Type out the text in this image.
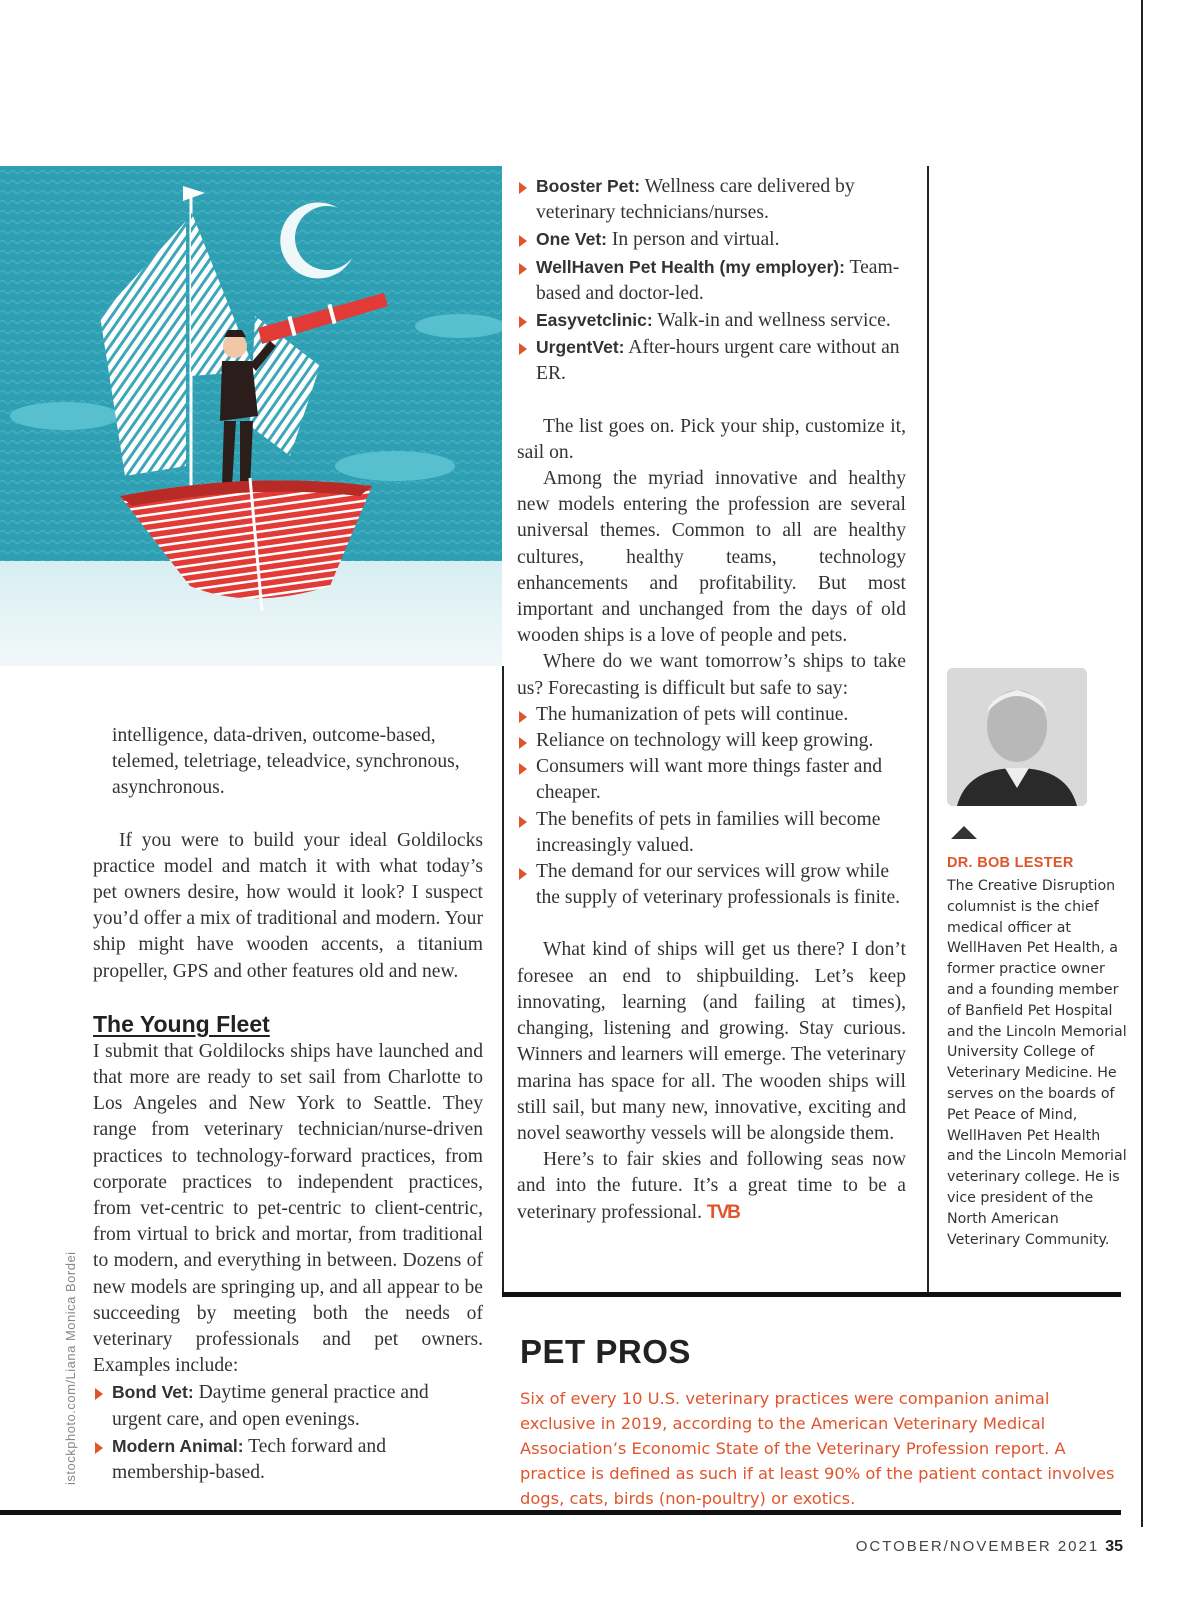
istockphoto.com/Liana Monica Bordei
intelligence, data-driven, outcome-based,
telemed, teletriage, teleadvice, synchronous,
asynchronous.

If you were to build your ideal Goldilocks practice model and match it with what today’s pet owners desire, how would it look? I suspect you’d offer a mix of traditional and modern. Your ship might have wooden accents, a titanium propeller, GPS and other features old and new.

The Young Fleet

I submit that Goldilocks ships have launched and that more are ready to set sail from Charlotte to Los Angeles and New York to Seattle. They range from veterinary technician/nurse-driven practices to technology-forward practices, from corporate practices to independent practices, from vet-centric to pet-centric to client-centric, from virtual to brick and mortar, from traditional to modern, and everything in between. Dozens of new models are springing up, and all appear to be succeeding by meeting both the needs of veterinary professionals and pet owners. Examples include:

Bond Vet: Daytime general practice and urgent care, and open evenings.
Modern Animal: Tech forward and membership-based.
Booster Pet: Wellness care delivered by veterinary technicians/nurses.
One Vet: In person and virtual.
WellHaven Pet Health (my employer): Team-based and doctor-led.
Easyvetclinic: Walk-in and wellness service.
UrgentVet: After-hours urgent care without an ER.

The list goes on. Pick your ship, customize it, sail on.

Among the myriad innovative and healthy new models entering the profession are several universal themes. Common to all are healthy cultures, healthy teams, technology enhancements and profitability. But most important and unchanged from the days of old wooden ships is a love of people and pets.

Where do we want tomorrow’s ships to take us? Forecasting is difficult but safe to say:

The humanization of pets will continue.
Reliance on technology will keep growing.
Consumers will want more things faster and cheaper.
The benefits of pets in families will become increasingly valued.
The demand for our services will grow while the supply of veterinary professionals is finite.

What kind of ships will get us there? I don’t foresee an end to shipbuilding. Let’s keep innovating, learning (and failing at times), changing, listening and growing. Stay curious. Winners and learners will emerge. The veterinary marina has space for all. The wooden ships will still sail, but many new, innovative, exciting and novel seaworthy vessels will be alongside them.

Here’s to fair skies and following seas now and into the future. It’s a great time to be a veterinary professional. TVB

DR. BOB LESTER
The Creative Disruption columnist is the chief medical officer at WellHaven Pet Health, a former practice owner and a founding member of Banfield Pet Hospital and the Lincoln Memorial University College of Veterinary Medicine. He serves on the boards of Pet Peace of Mind, WellHaven Pet Health and the Lincoln Memorial veterinary college. He is vice president of the North American Veterinary Community.
PET PROS
Six of every 10 U.S. veterinary practices were companion animal exclusive in 2019, according to the American Veterinary Medical Association’s Economic State of the Veterinary Profession report. A practice is defined as such if at least 90% of the patient contact involves dogs, cats, birds (non-poultry) or exotics.
OCTOBER/NOVEMBER 2021 35
